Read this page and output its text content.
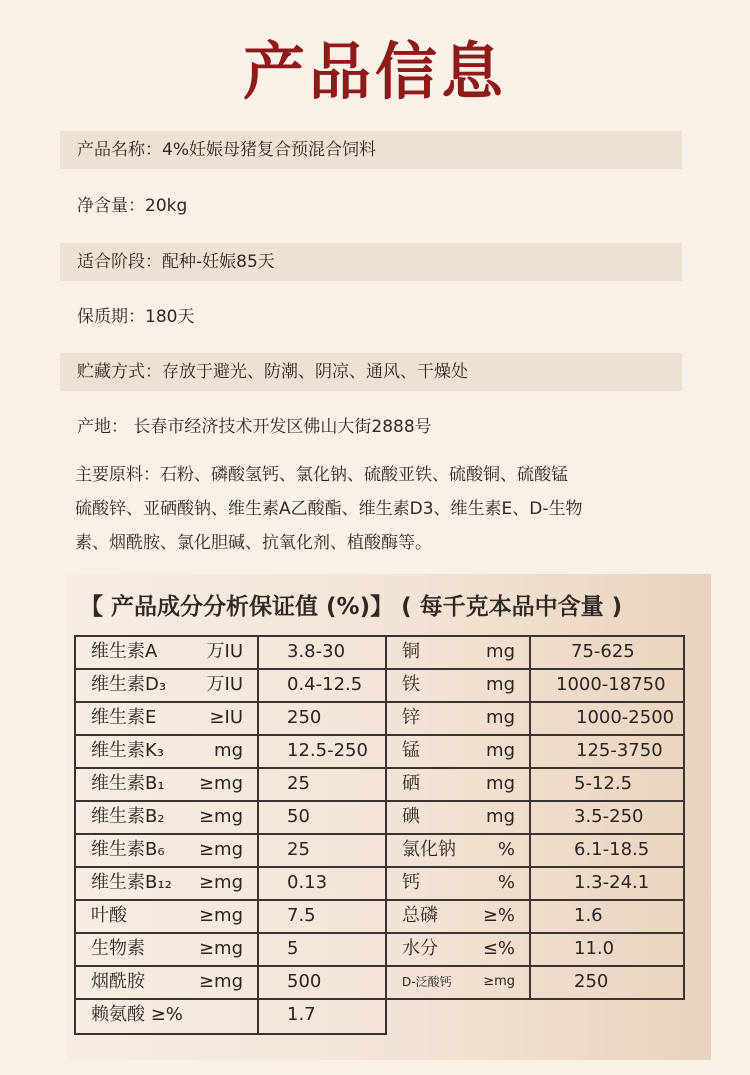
产品信息
产品名称：4%妊娠母猪复合预混合饲料
净含量：20kg
适合阶段：配种-妊娠85天
保质期：180天
贮藏方式：存放于避光、防潮、阴凉、通风、干燥处
产地： 长春市经济技术开发区佛山大街2888号

主要原料：石粉、磷酸氢钙、氯化钠、硫酸亚铁、硫酸铜、硫酸锰

硫酸锌、亚硒酸钠、维生素A乙酸酯、维生素D3、维生素E、D-生物

素、烟酰胺、氯化胆碱、抗氧化剂、植酸酶等。

【 产品成分分析保证值 (%)】 ( 每千克本品中含量 )
维生素A	万IU 3.8-30	铜	mg	75-625
维生素D₃ 万IU 0.4-12.5 铁	mg 1000-18750
维生素E	≥IU 250	锌	mg	1000-2500
维生素K₃	mg 12.5-250 锰	mg	125-3750
维生素B₁ ≥mg 25	硒	mg	5-12.5
维生素B₂ ≥mg 50	碘	mg	3.5-250
维生素B₆ ≥mg 25	氯化钠 %	6.1-18.5
维生素B₁₂ ≥mg 0.13	钙	%	1.3-24.1
叶酸	≥mg 7.5	总磷 ≥%	1.6
生物素	≥mg 5	水分 ≤%	11.0
烟酰胺	≥mg 500	D-泛酸钙 ≥mg	250
赖氨酸 ≥%	1.7
